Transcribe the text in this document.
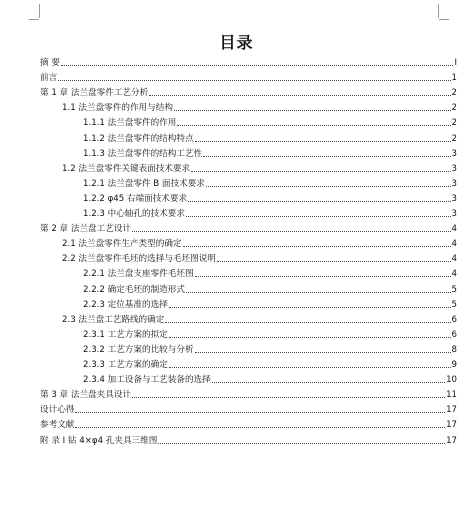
目录
摘 要	I
前言	1
第 1 章 法兰盘零件工艺分析	2
1.1 法兰盘零件的作用与结构	2
1.1.1 法兰盘零件的作用	2
1.1.2 法兰盘零件的结构特点	2
1.1.3 法兰盘零件的结构工艺性	3
1.2 法兰盘零件关键表面技术要求	3
1.2.1 法兰盘零件 B 面技术要求	3
1.2.2 φ45 右端面技术要求	3
1.2.3 中心轴孔的技术要求	3
第 2 章 法兰盘工艺设计	4
2.1 法兰盘零件生产类型的确定	4
2.2 法兰盘零件毛坯的选择与毛坯图说明	4
2.2.1 法兰盘支座零件毛坯图	4
2.2.2 确定毛坯的制造形式	5
2.2.3 定位基准的选择	5
2.3 法兰盘工艺路线的确定	6
2.3.1 工艺方案的拟定	6
2.3.2 工艺方案的比较与分析	8
2.3.3 工艺方案的确定	9
2.3.4 加工设备与工艺装备的选择	10
第 3 章 法兰盘夹具设计	11
设计心得	17
参考文献	17
附 录 Ⅰ 钻 4×φ4 孔夹具三维图	17
